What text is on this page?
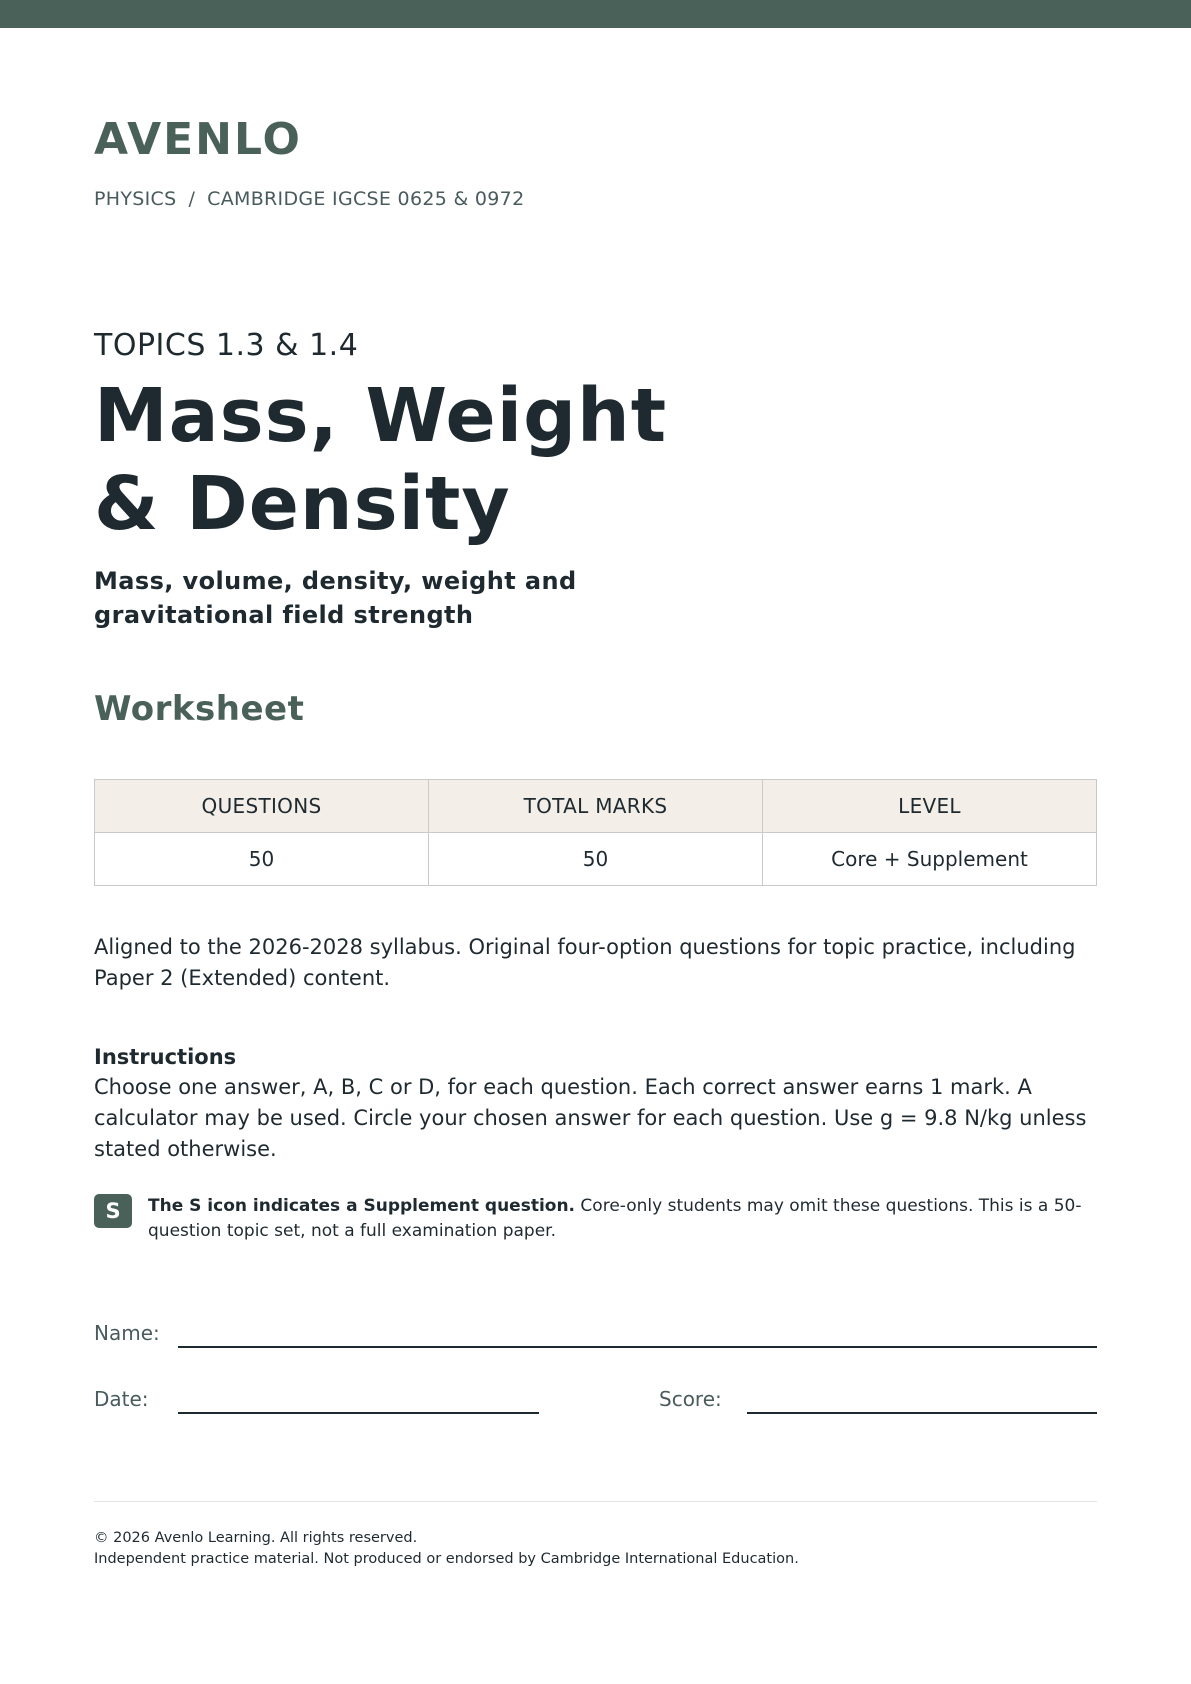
AVENLO
PHYSICS / CAMBRIDGE IGCSE 0625 & 0972
TOPICS 1.3 & 1.4
Mass, Weight
& Density

Mass, volume, density, weight and
gravitational field strength

Worksheet
QUESTIONS	TOTAL MARKS	LEVEL
50	50	Core + Supplement

Aligned to the 2026-2028 syllabus. Original four-option questions for topic practice, including Paper 2 (Extended) content.

Instructions

Choose one answer, A, B, C or D, for each question. Each correct answer earns 1 mark. A calculator may be used. Circle your chosen answer for each question. Use g = 9.8 N/kg unless stated otherwise.

S	The S icon indicates a Supplement question. Core-only students may omit these questions. This is a 50-question topic set, not a full examination paper.

Name:
Date:	Score:
© 2026 Avenlo Learning. All rights reserved.
Independent practice material. Not produced or endorsed by Cambridge International Education.
